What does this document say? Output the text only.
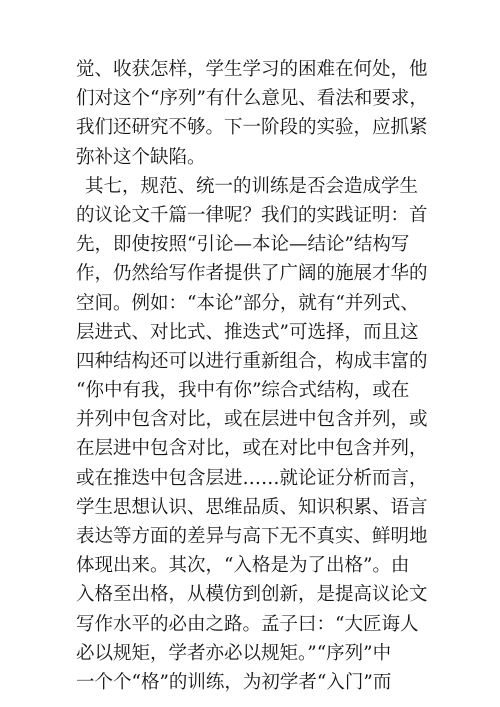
觉、收获怎样，学生学习的困难在何处，他
们对这个“序列”有什么意见、看法和要求，
我们还研究不够。下一阶段的实验，应抓紧
弥补这个缺陷。
其七，规范、统一的训练是否会造成学生
的议论文千篇一律呢？我们的实践证明：首
先，即使按照“引论—本论—结论”结构写
作，仍然给写作者提供了广阔的施展才华的
空间。例如：“本论”部分，就有“并列式、
层进式、对比式、推迭式”可选择，而且这
四种结构还可以进行重新组合，构成丰富的
“你中有我，我中有你”综合式结构，或在
并列中包含对比，或在层进中包含并列，或
在层进中包含对比，或在对比中包含并列，
或在推迭中包含层进……就论证分析而言，
学生思想认识、思维品质、知识积累、语言
表达等方面的差异与高下无不真实、鲜明地
体现出来。其次，“入格是为了出格”。由
入格至出格，从模仿到创新，是提高议论文
写作水平的必由之路。孟子曰：“大匠诲人
必以规矩，学者亦必以规矩。”“序列”中
一个个“格”的训练，为初学者“入门”而
